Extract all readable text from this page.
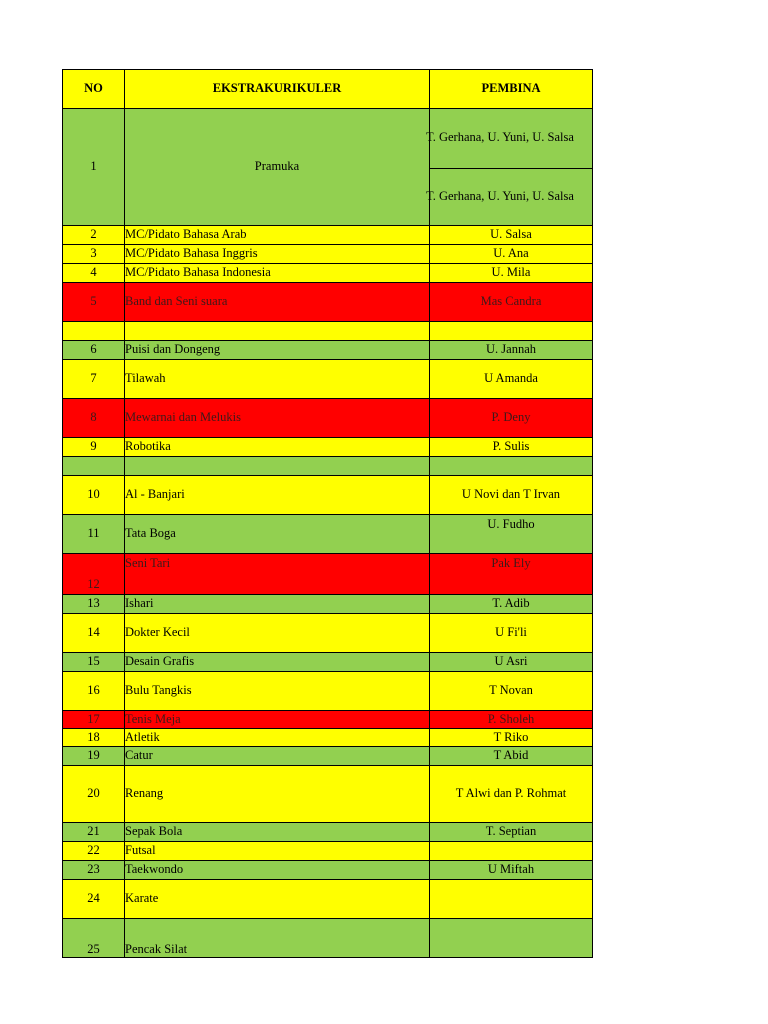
NO	EKSTRAKURIKULER	PEMBINA
1	Pramuka	T. Gerhana, U. Yuni, U. Salsa
		T. Gerhana, U. Yuni, U. Salsa
2	MC/Pidato Bahasa Arab	U. Salsa
3	MC/Pidato Bahasa Inggris	U. Ana
4	MC/Pidato Bahasa Indonesia	U. Mila
5	Band dan Seni suara	Mas Candra

6	Puisi dan Dongeng	U. Jannah
7	Tilawah	U Amanda
8	Mewarnai dan Melukis	P. Deny
9	Robotika	P. Sulis

10	Al - Banjari	U Novi dan T Irvan
11	Tata Boga	U. Fudho
12	Seni Tari	Pak Ely
13	Ishari	T. Adib
14	Dokter Kecil	U Fi'li
15	Desain Grafis	U Asri
16	Bulu Tangkis	T Novan
17	Tenis Meja	P. Sholeh
18	Atletik	T Riko
19	Catur	T Abid
20	Renang	T Alwi dan P. Rohmat
21	Sepak Bola	T. Septian
22	Futsal	
23	Taekwondo	U Miftah
24	Karate	
25	Pencak Silat	
